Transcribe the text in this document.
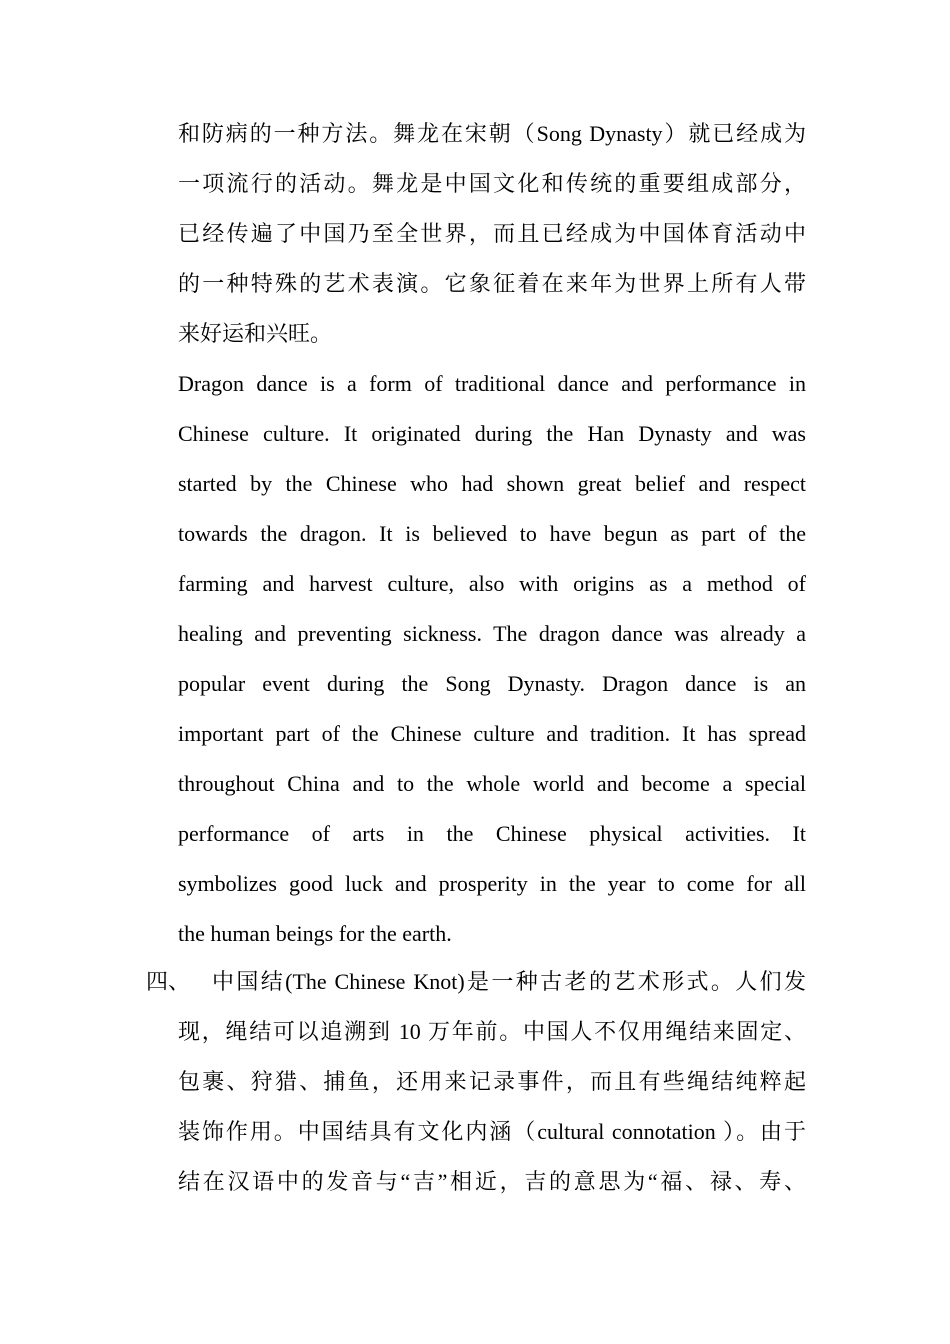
和防病的一种方法。舞龙在宋朝（Song Dynasty）就已经成为
一项流行的活动。舞龙是中国文化和传统的重要组成部分，
已经传遍了中国乃至全世界，而且已经成为中国体育活动中
的一种特殊的艺术表演。它象征着在来年为世界上所有人带
来好运和兴旺。
Dragon dance is a form of traditional dance and performance in
Chinese culture. It originated during the Han Dynasty and was
started by the Chinese who had shown great belief and respect
towards the dragon. It is believed to have begun as part of the
farming and harvest culture, also with origins as a method of
healing and preventing sickness. The dragon dance was already a
popular event during the Song Dynasty. Dragon dance is an
important part of the Chinese culture and tradition. It has spread
throughout China and to the whole world and become a special
performance of arts in the Chinese physical activities. It
symbolizes good luck and prosperity in the year to come for all
the human beings for the earth.
四、 中国结(The Chinese Knot)是一种古老的艺术形式。人们发
现，绳结可以追溯到 10 万年前。中国人不仅用绳结来固定、
包裹、狩猎、捕鱼，还用来记录事件，而且有些绳结纯粹起
装饰作用。中国结具有文化内涵（cultural connotation ）。由于
结在汉语中的发音与“吉”相近，吉的意思为“福、禄、寿、
